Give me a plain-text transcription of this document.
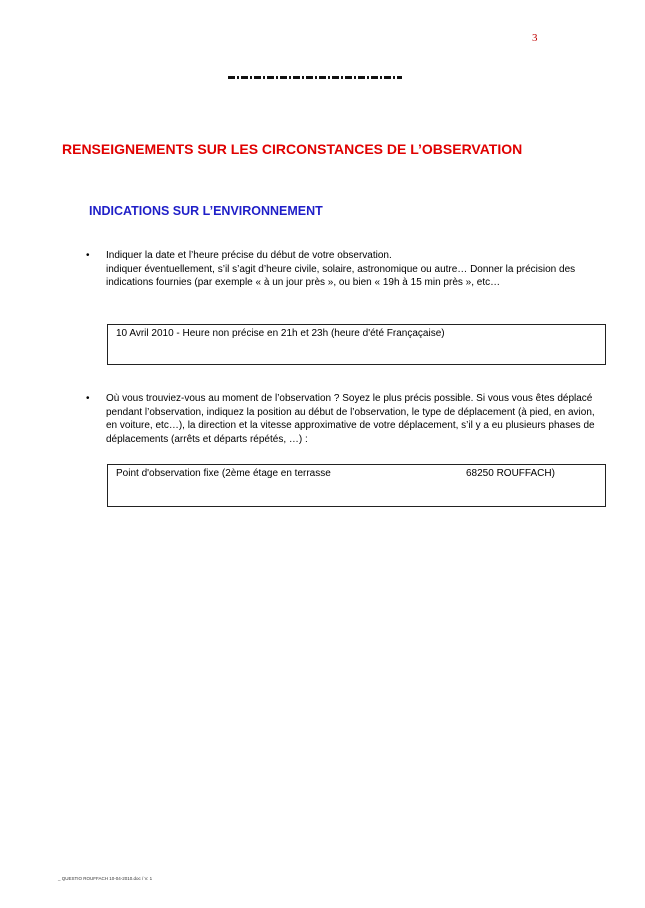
3
RENSEIGNEMENTS SUR LES CIRCONSTANCES DE L’OBSERVATION
INDICATIONS SUR L’ENVIRONNEMENT
• Indiquer la date et l’heure précise du début de votre observation.

indiquer éventuellement, s’il s’agit d’heure civile, solaire, astronomique ou autre… Donner la précision des indications fournies (par exemple « à un jour près », ou bien « 19h à 15 min près », etc…

10 Avril 2010 - Heure non précise en 21h et 23h (heure d'été Françaçaise)
• Où vous trouviez-vous au moment de l’observation ? Soyez le plus précis possible. Si vous vous êtes déplacé pendant l’observation, indiquez la position au début de l’observation, le type de déplacement (à pied, en avion, en voiture, etc…), la direction et la vitesse approximative de votre déplacement, s’il y a eu plusieurs phases de déplacements (arrêts et départs répétés, …) :

Point d'observation fixe (2ème étage en terrasse	68250 ROUFFACH)
_ QUESTIO ROUFFACH 10-04-2010.doc / V. 1
